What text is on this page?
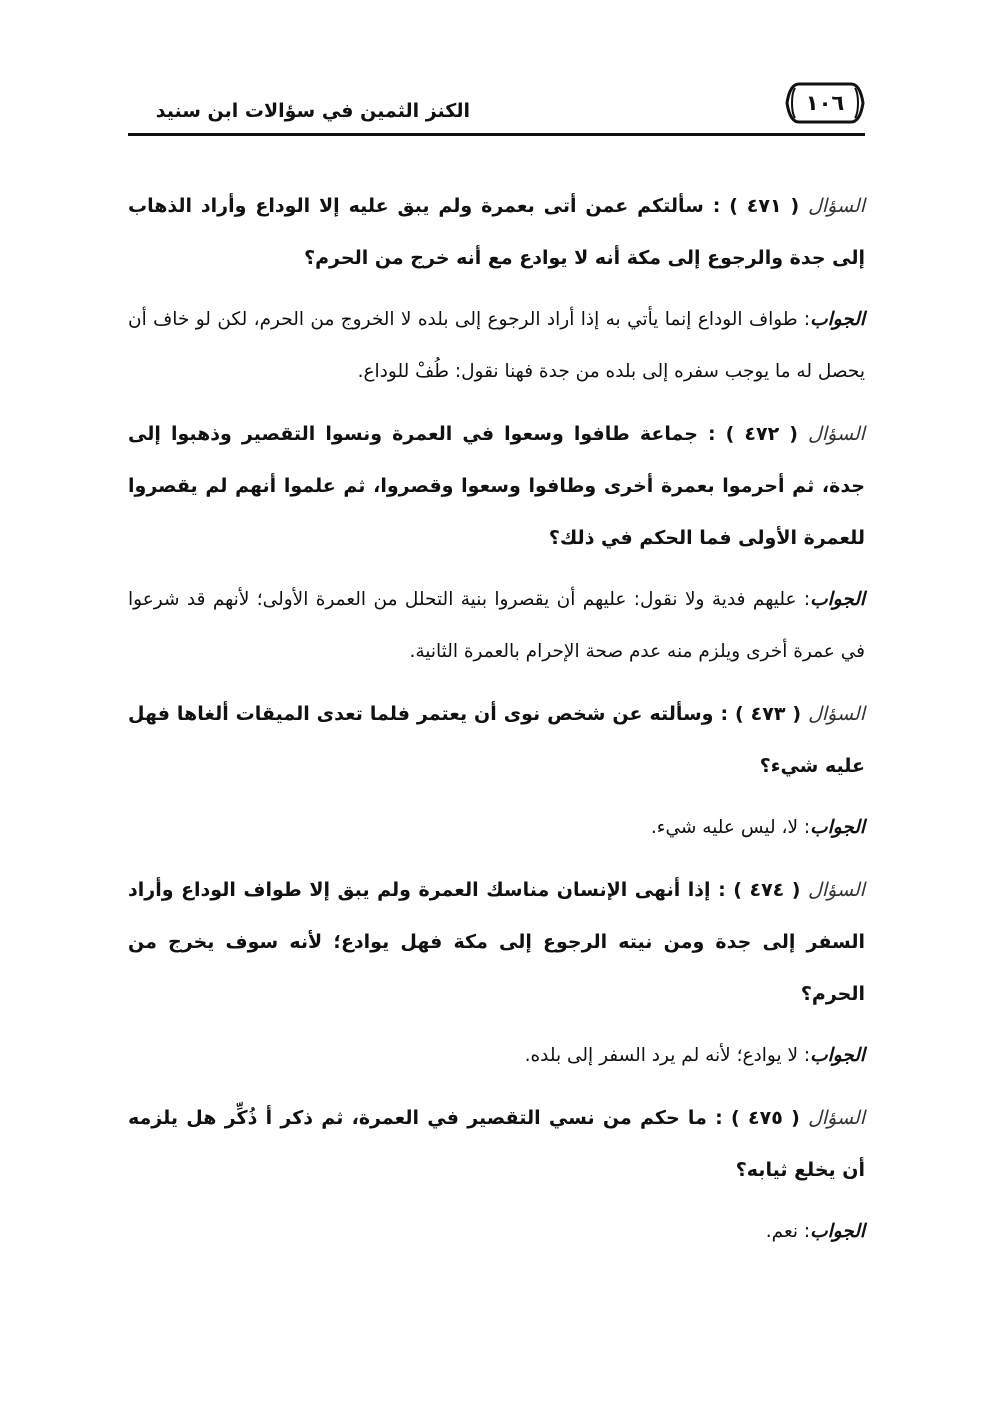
١٠٦
الكنز الثمين في سؤالات ابن سنيد

السؤال ( ٤٧١ ) : سألتكم عمن أتى بعمرة ولم يبق عليه إلا الوداع وأراد الذهاب إلى جدة والرجوع إلى مكة أنه لا يوادع مع أنه خرج من الحرم؟

الجواب: طواف الوداع إنما يأتي به إذا أراد الرجوع إلى بلده لا الخروج من الحرم، لكن لو خاف أن يحصل له ما يوجب سفره إلى بلده من جدة فهنا نقول: طُفْ للوداع.

السؤال ( ٤٧٢ ) : جماعة طافوا وسعوا في العمرة ونسوا التقصير وذهبوا إلى جدة، ثم أحرموا بعمرة أخرى وطافوا وسعوا وقصروا، ثم علموا أنهم لم يقصروا للعمرة الأولى فما الحكم في ذلك؟

الجواب: عليهم فدية ولا نقول: عليهم أن يقصروا بنية التحلل من العمرة الأولى؛ لأنهم قد شرعوا في عمرة أخرى ويلزم منه عدم صحة الإحرام بالعمرة الثانية.

السؤال ( ٤٧٣ ) : وسألته عن شخص نوى أن يعتمر فلما تعدى الميقات ألغاها فهل عليه شيء؟

الجواب: لا، ليس عليه شيء.

السؤال ( ٤٧٤ ) : إذا أنهى الإنسان مناسك العمرة ولم يبق إلا طواف الوداع وأراد السفر إلى جدة ومن نيته الرجوع إلى مكة فهل يوادع؛ لأنه سوف يخرج من الحرم؟

الجواب: لا يوادع؛ لأنه لم يرد السفر إلى بلده.

السؤال ( ٤٧٥ ) : ما حكم من نسي التقصير في العمرة، ثم ذكر أ ذُكِّر هل يلزمه أن يخلع ثيابه؟

الجواب: نعم.
